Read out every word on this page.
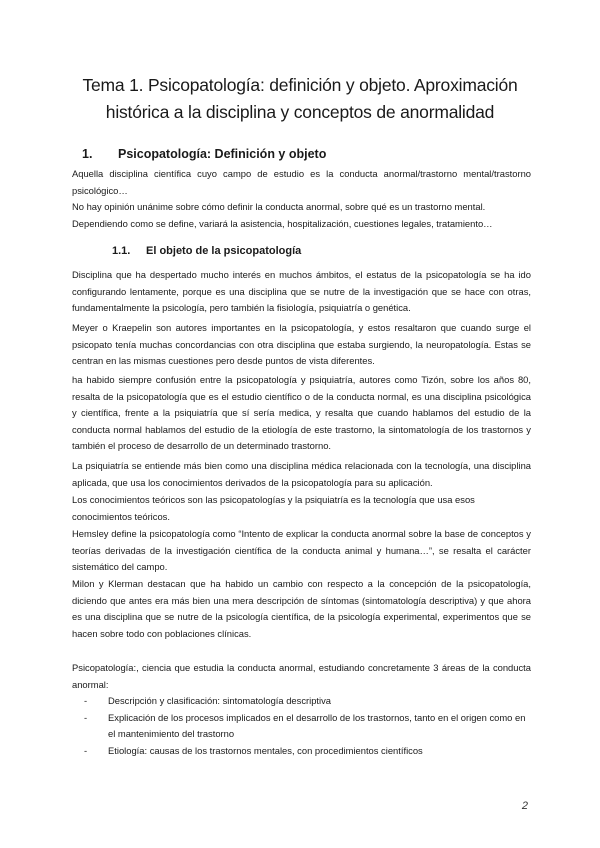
Tema 1. Psicopatología: definición y objeto. Aproximación histórica a la disciplina y conceptos de anormalidad
1. Psicopatología: Definición y objeto

Aquella disciplina científica cuyo campo de estudio es la conducta anormal/trastorno mental/trastorno psicológico…

No hay opinión unánime sobre cómo definir la conducta anormal, sobre qué es un trastorno mental.

Dependiendo como se define, variará la asistencia, hospitalización, cuestiones legales, tratamiento…

1.1. El objeto de la psicopatología

Disciplina que ha despertado mucho interés en muchos ámbitos, el estatus de la psicopatología se ha ido configurando lentamente, porque es una disciplina que se nutre de la investigación que se hace con otras, fundamentalmente la psicología, pero también la fisiología, psiquiatría o genética.

Meyer o Kraepelin son autores importantes en la psicopatología, y estos resaltaron que cuando surge el psicopato tenía muchas concordancias con otra disciplina que estaba surgiendo, la neuropatología. Estas se centran en las mismas cuestiones pero desde puntos de vista diferentes.

ha habido siempre confusión entre la psicopatología y psiquiatría, autores como Tizón, sobre los años 80, resalta de la psicopatología que es el estudio científico o de la conducta normal, es una disciplina psicológica y científica, frente a la psiquiatría que sí sería medica, y resalta que cuando hablamos del estudio de la conducta normal hablamos del estudio de la etiología de este trastorno, la sintomatología de los trastornos y también el proceso de desarrollo de un determinado trastorno.

La psiquiatría se entiende más bien como una disciplina médica relacionada con la tecnología, una disciplina aplicada, que usa los conocimientos derivados de la psicopatología para su aplicación.

Los conocimientos teóricos son las psicopatologías y la psiquiatría es la tecnología que usa esos conocimientos teóricos.

Hemsley define la psicopatología como “Intento de explicar la conducta anormal sobre la base de conceptos y teorías derivadas de la investigación científica de la conducta animal y humana…”, se resalta el carácter sistemático del campo.

Milon y Klerman destacan que ha habido un cambio con respecto a la concepción de la psicopatología, diciendo que antes era más bien una mera descripción de síntomas (sintomatología descriptiva) y que ahora es una disciplina que se nutre de la psicología científica, de la psicología experimental, experimentos que se hacen sobre todo con poblaciones clínicas.

Psicopatología:, ciencia que estudia la conducta anormal, estudiando concretamente 3 áreas de la conducta anormal:

- Descripción y clasificación: sintomatología descriptiva

- Explicación de los procesos implicados en el desarrollo de los trastornos, tanto en el origen como en el mantenimiento del trastorno

- Etiología: causas de los trastornos mentales, con procedimientos científicos

2
